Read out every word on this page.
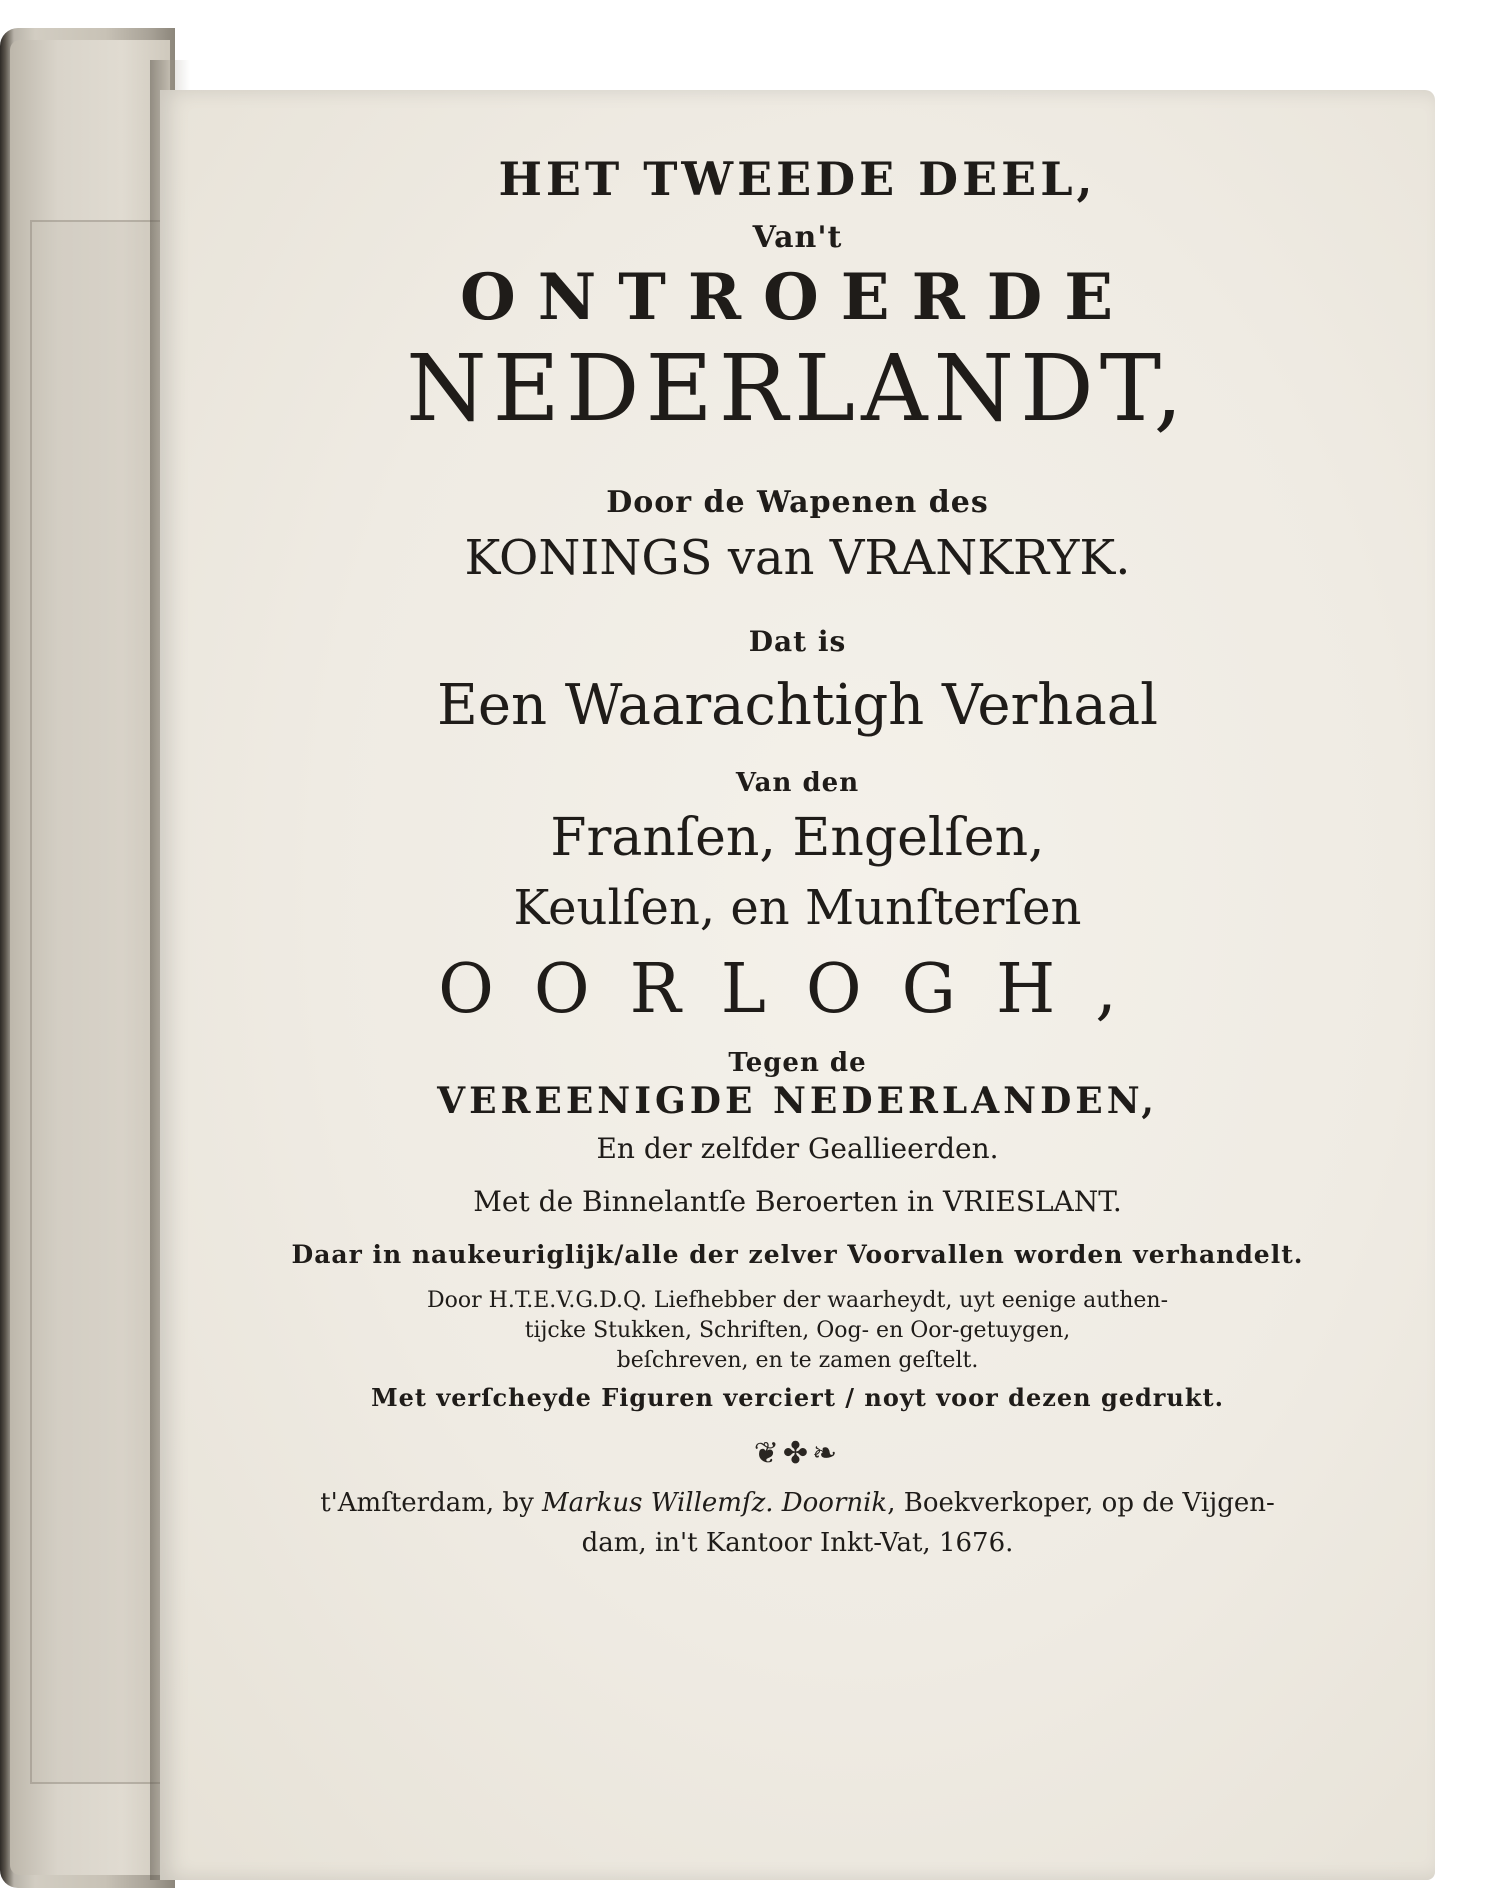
HET TWEEDE DEEL,
Van't
ONTROERDE
NEDERLANDT,
Door de Wapenen des
KONINGS van VRANKRYK.
Dat is
Een Waarachtigh Verhaal
Van den
Franſen, Engelſen,
Keulſen, en Munſterſen
OORLOGH,
Tegen de
VEREENIGDE NEDERLANDEN,
En der zelfder Geallieerden.
Met de Binnelantſe Beroerten in VRIESLANT.
Daar in naukeuriglijk/alle der zelver Voorvallen worden verhandelt.
Door H.T.E.V.G.D.Q. Liefhebber der waarheydt, uyt eenige authen-
tijcke Stukken, Schriften, Oog- en Oor-getuygen,
beſchreven, en te zamen geſtelt.
Met verſcheyde Figuren verciert / noyt voor dezen gedrukt.
❦✤❧
t'Amſterdam, by Markus Willemſz. Doornik, Boekverkoper, op de Vijgen-
dam, in't Kantoor Inkt-Vat, 1676.
